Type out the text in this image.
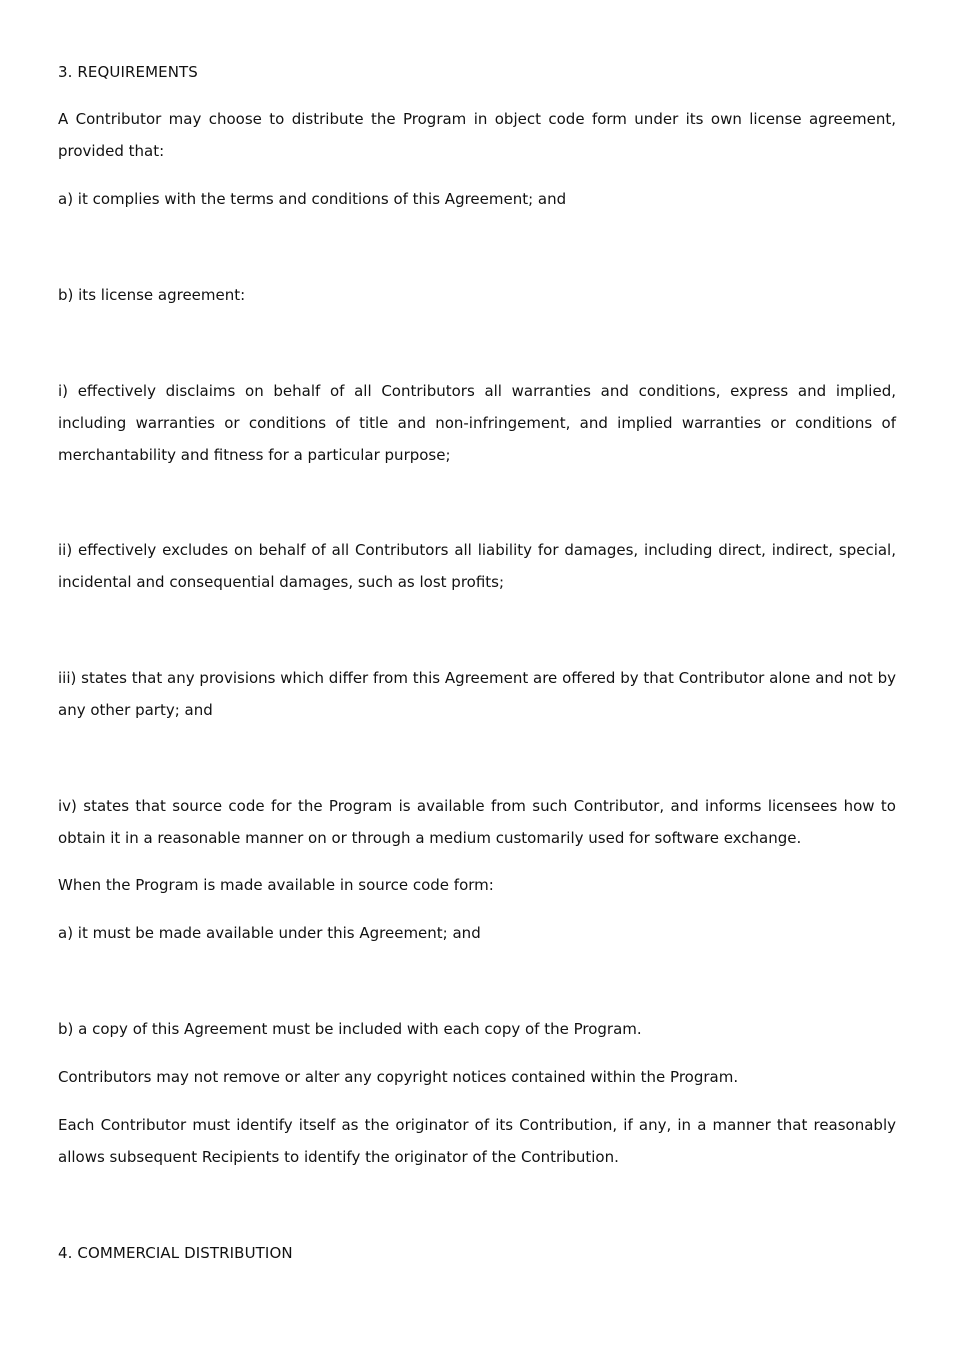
3. REQUIREMENTS

A Contributor may choose to distribute the Program in object code form under its own license agreement, provided that:

a) it complies with the terms and conditions of this Agreement; and

b) its license agreement:

i) effectively disclaims on behalf of all Contributors all warranties and conditions, express and implied, including warranties or conditions of title and non-infringement, and implied warranties or conditions of merchantability and fitness for a particular purpose;

ii) effectively excludes on behalf of all Contributors all liability for damages, including direct, indirect, special, incidental and consequential damages, such as lost profits;

iii) states that any provisions which differ from this Agreement are offered by that Contributor alone and not by any other party; and

iv) states that source code for the Program is available from such Contributor, and informs licensees how to obtain it in a reasonable manner on or through a medium customarily used for software exchange.

When the Program is made available in source code form:

a) it must be made available under this Agreement; and

b) a copy of this Agreement must be included with each copy of the Program.

Contributors may not remove or alter any copyright notices contained within the Program.

Each Contributor must identify itself as the originator of its Contribution, if any, in a manner that reasonably allows subsequent Recipients to identify the originator of the Contribution.

4. COMMERCIAL DISTRIBUTION
